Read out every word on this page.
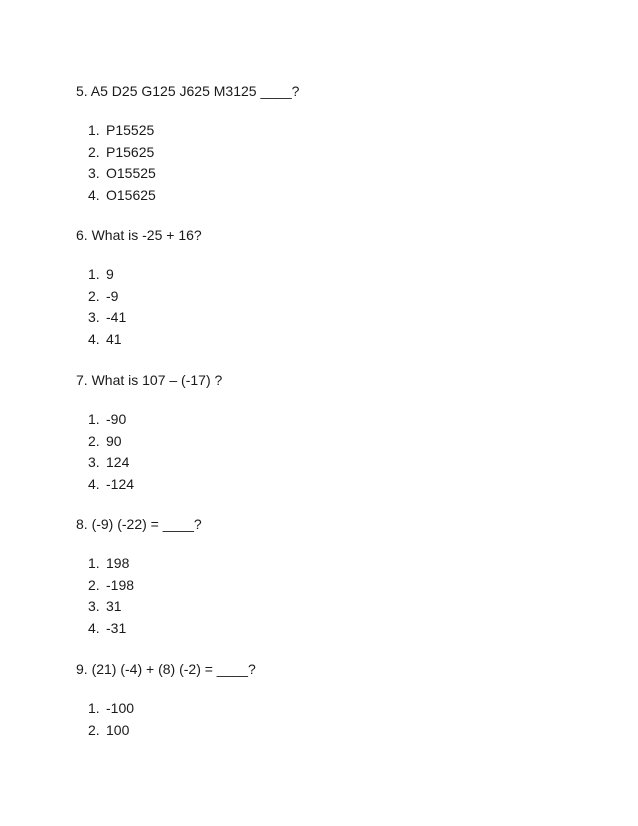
5. A5 D25 G125 J625 M3125 ____?

1. P15525
2. P15625
3. O15525
4. O15625

6. What is -25 + 16?

1. 9
2. -9
3. -41
4. 41

7. What is 107 – (-17) ?

1. -90
2. 90
3. 124
4. -124

8. (-9) (-22) = ____?

1. 198
2. -198
3. 31
4. -31

9. (21) (-4) + (8) (-2) = ____?

1. -100
2. 100
